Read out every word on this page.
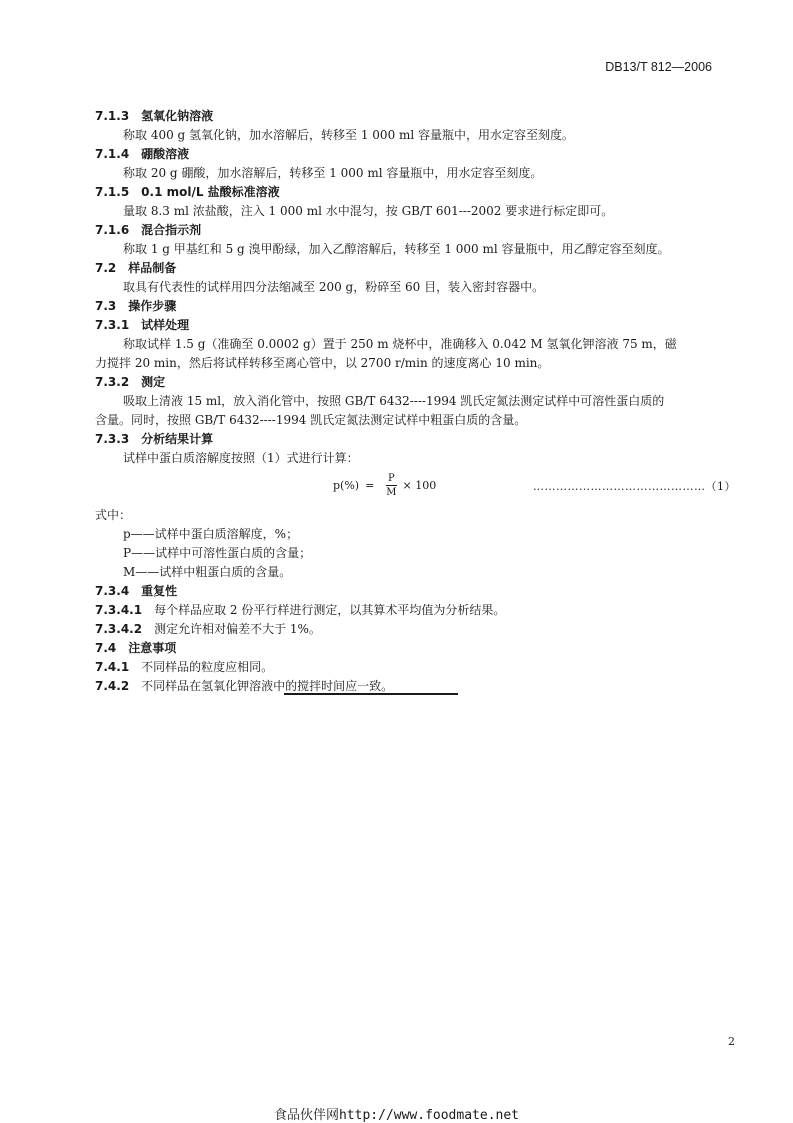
DB13/T 812—2006
7.1.3 氢氧化钠溶液
称取 400 g 氢氧化钠，加水溶解后，转移至 1 000 ml 容量瓶中，用水定容至刻度。
7.1.4 硼酸溶液
称取 20 g 硼酸，加水溶解后，转移至 1 000 ml 容量瓶中，用水定容至刻度。
7.1.5 0.1 mol/L 盐酸标准溶液
量取 8.3 ml 浓盐酸，注入 1 000 ml 水中混匀，按 GB/T 601---2002 要求进行标定即可。
7.1.6 混合指示剂
称取 1 g 甲基红和 5 g 溴甲酚绿，加入乙醇溶解后，转移至 1 000 ml 容量瓶中，用乙醇定容至刻度。
7.2 样品制备
取具有代表性的试样用四分法缩减至 200 g，粉碎至 60 目，装入密封容器中。
7.3 操作步骤
7.3.1 试样处理
称取试样 1.5 g（准确至 0.0002 g）置于 250 m 烧杯中，准确移入 0.042 M 氢氧化钾溶液 75 m，磁
力搅拌 20 min，然后将试样转移至离心管中，以 2700 r/min 的速度离心 10 min。
7.3.2 测定
吸取上清液 15 ml，放入消化管中，按照 GB/T 6432----1994 凯氏定氮法测定试样中可溶性蛋白质的
含量。同时，按照 GB/T 6432----1994 凯氏定氮法测定试样中粗蛋白质的含量。
7.3.3 分析结果计算
试样中蛋白质溶解度按照（1）式进行计算：
$p(\%) = \frac{P}{M} \times 100$	………………………………………（1）
式中：
p——试样中蛋白质溶解度，%；
P——试样中可溶性蛋白质的含量；
M——试样中粗蛋白质的含量。
7.3.4 重复性
7.3.4.1 每个样品应取 2 份平行样进行测定，以其算术平均值为分析结果。
7.3.4.2 测定允许相对偏差不大于 1%。
7.4 注意事项
7.4.1 不同样品的粒度应相同。
7.4.2 不同样品在氢氧化钾溶液中的搅拌时间应一致。
2
食品伙伴网http://www.foodmate.net
